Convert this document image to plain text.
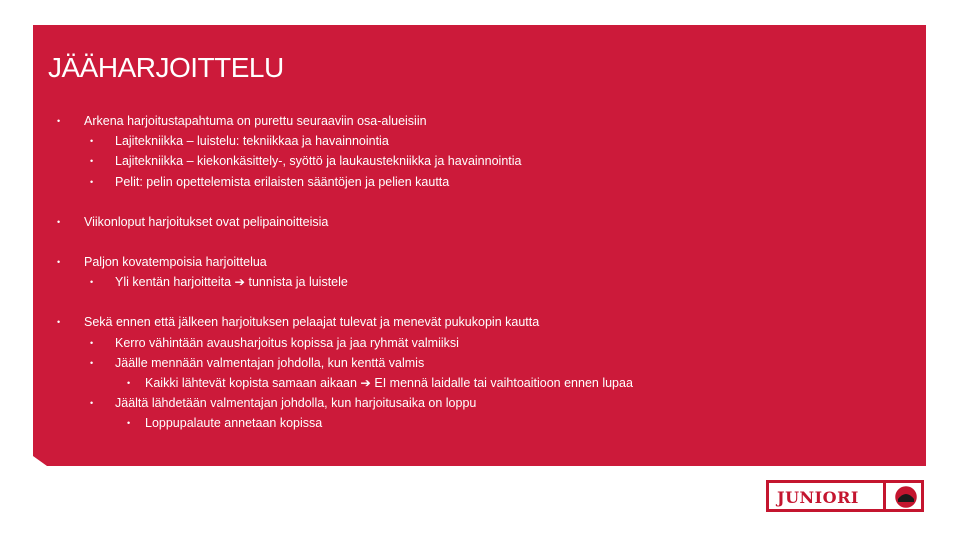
JÄÄHARJOITTELU
• Arkena harjoitustapahtuma on purettu seuraaviin osa-alueisiin
• Lajitekniikka – luistelu: tekniikkaa ja havainnointia
• Lajitekniikka – kiekonkäsittely-, syöttö ja laukaustekniikka ja havainnointia
• Pelit: pelin opettelemista erilaisten sääntöjen ja pelien kautta
• Viikonloput harjoitukset ovat pelipainoitteisia
• Paljon kovatempoisia harjoittelua
• Yli kentän harjoitteita ➔ tunnista ja luistele
• Sekä ennen että jälkeen harjoituksen pelaajat tulevat ja menevät pukukopin kautta
• Kerro vähintään avausharjoitus kopissa ja jaa ryhmät valmiiksi
• Jäälle mennään valmentajan johdolla, kun kenttä valmis
• Kaikki lähtevät kopista samaan aikaan ➔ EI mennä laidalle tai vaihtoaitioon ennen lupaa
• Jäältä lähdetään valmentajan johdolla, kun harjoitusaika on loppu
• Loppupalaute annetaan kopissa
JUNIORI
